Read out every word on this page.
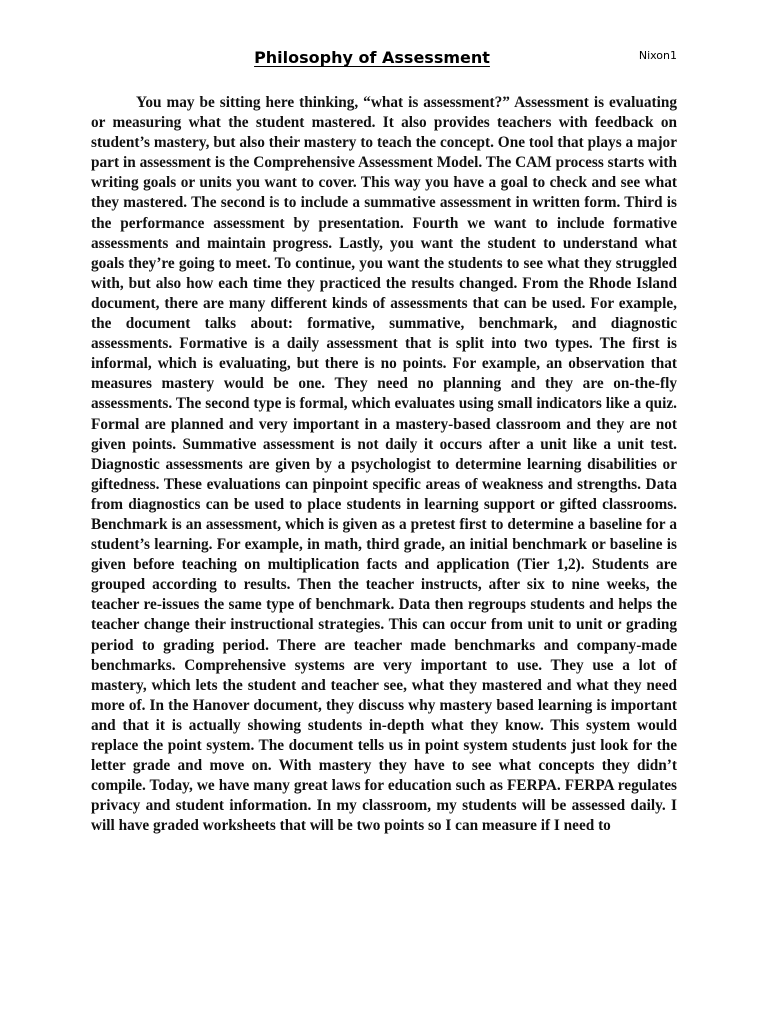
Philosophy of Assessment	Nixon1

You may be sitting here thinking, “what is assessment?” Assessment is evaluating or measuring what the student mastered. It also provides teachers with feedback on student’s mastery, but also their mastery to teach the concept. One tool that plays a major part in assessment is the Comprehensive Assessment Model. The CAM process starts with writing goals or units you want to cover. This way you have a goal to check and see what they mastered. The second is to include a summative assessment in written form. Third is the performance assessment by presentation. Fourth we want to include formative assessments and maintain progress. Lastly, you want the student to understand what goals they’re going to meet. To continue, you want the students to see what they struggled with, but also how each time they practiced the results changed. From the Rhode Island document, there are many different kinds of assessments that can be used. For example, the document talks about: formative, summative, benchmark, and diagnostic assessments. Formative is a daily assessment that is split into two types. The first is informal, which is evaluating, but there is no points. For example, an observation that measures mastery would be one. They need no planning and they are on-the-fly assessments. The second type is formal, which evaluates using small indicators like a quiz. Formal are planned and very important in a mastery-based classroom and they are not given points. Summative assessment is not daily it occurs after a unit like a unit test. Diagnostic assessments are given by a psychologist to determine learning disabilities or giftedness. These evaluations can pinpoint specific areas of weakness and strengths. Data from diagnostics can be used to place students in learning support or gifted classrooms. Benchmark is an assessment, which is given as a pretest first to determine a baseline for a student’s learning. For example, in math, third grade, an initial benchmark or baseline is given before teaching on multiplication facts and application (Tier 1,2). Students are grouped according to results. Then the teacher instructs, after six to nine weeks, the teacher re-issues the same type of benchmark. Data then regroups students and helps the teacher change their instructional strategies. This can occur from unit to unit or grading period to grading period. There are teacher made benchmarks and company-made benchmarks. Comprehensive systems are very important to use. They use a lot of mastery, which lets the student and teacher see, what they mastered and what they need more of. In the Hanover document, they discuss why mastery based learning is important and that it is actually showing students in-depth what they know. This system would replace the point system. The document tells us in point system students just look for the letter grade and move on. With mastery they have to see what concepts they didn’t compile. Today, we have many great laws for education such as FERPA. FERPA regulates privacy and student information. In my classroom, my students will be assessed daily. I will have graded worksheets that will be two points so I can measure if I need to
